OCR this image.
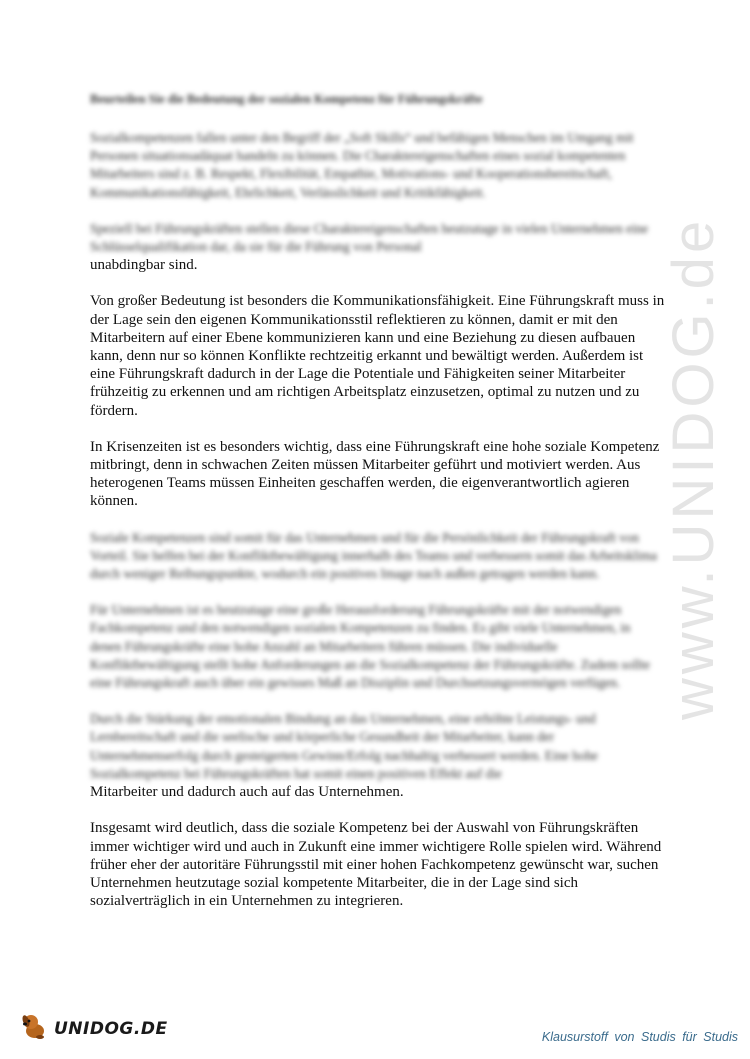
www.UNIDOG.de
Beurteilen Sie die Bedeutung der sozialen Kompetenz für Führungskräfte
Sozialkompetenzen fallen unter den Begriff der „Soft Skills“ und befähigen Menschen im Umgang mit Personen situationsadäquat handeln zu können. Die Charaktereigenschaften eines sozial kompetenten Mitarbeiters sind z. B. Respekt, Flexibilität, Empathie, Motivations- und Kooperationsbereitschaft, Kommunikationsfähigkeit, Ehrlichkeit, Verlässlichkeit und Kritikfähigkeit.
Speziell bei Führungskräften stellen diese Charaktereigenschaften heutzutage in vielen Unternehmen eine Schlüsselqualifikation dar, da sie für die Führung von Personal
unabdingbar sind.
Von großer Bedeutung ist besonders die Kommunikationsfähigkeit. Eine Führungskraft muss in der Lage sein den eigenen Kommunikationsstil reflektieren zu können, damit er mit den Mitarbeitern auf einer Ebene kommunizieren kann und eine Beziehung zu diesen aufbauen kann, denn nur so können Konflikte rechtzeitig erkannt und bewältigt werden. Außerdem ist eine Führungskraft dadurch in der Lage die Potentiale und Fähigkeiten seiner Mitarbeiter frühzeitig zu erkennen und am richtigen Arbeitsplatz einzusetzen, optimal zu nutzen und zu fördern.
In Krisenzeiten ist es besonders wichtig, dass eine Führungskraft eine hohe soziale Kompetenz mitbringt, denn in schwachen Zeiten müssen Mitarbeiter geführt und motiviert werden. Aus heterogenen Teams müssen Einheiten geschaffen werden, die eigenverantwortlich agieren können.
Soziale Kompetenzen sind somit für das Unternehmen und für die Persönlichkeit der Führungskraft von Vorteil. Sie helfen bei der Konfliktbewältigung innerhalb des Teams und verbessern somit das Arbeitsklima durch weniger Reibungspunkte, wodurch ein positives Image nach außen getragen werden kann.
Für Unternehmen ist es heutzutage eine große Herausforderung Führungskräfte mit der notwendigen Fachkompetenz und den notwendigen sozialen Kompetenzen zu finden. Es gibt viele Unternehmen, in denen Führungskräfte eine hohe Anzahl an Mitarbeitern führen müssen. Die individuelle Konfliktbewältigung stellt hohe Anforderungen an die Sozialkompetenz der Führungskräfte. Zudem sollte eine Führungskraft auch über ein gewisses Maß an Disziplin und Durchsetzungsvermögen verfügen.
Durch die Stärkung der emotionalen Bindung an das Unternehmen, eine erhöhte Leistungs- und Lernbereitschaft und die seelische und körperliche Gesundheit der Mitarbeiter, kann der Unternehmenserfolg durch gesteigerten Gewinn/Erfolg nachhaltig verbessert werden. Eine hohe Sozialkompetenz bei Führungskräften hat somit einen positiven Effekt auf die
Mitarbeiter und dadurch auch auf das Unternehmen.
Insgesamt wird deutlich, dass die soziale Kompetenz bei der Auswahl von Führungskräften immer wichtiger wird und auch in Zukunft eine immer wichtigere Rolle spielen wird. Während früher eher der autoritäre Führungsstil mit einer hohen Fachkompetenz gewünscht war, suchen Unternehmen heutzutage sozial kompetente Mitarbeiter, die in der Lage sind sich sozialverträglich in ein Unternehmen zu integrieren.
UNIDOG.DE	Klausurstoff von Studis für Studis
